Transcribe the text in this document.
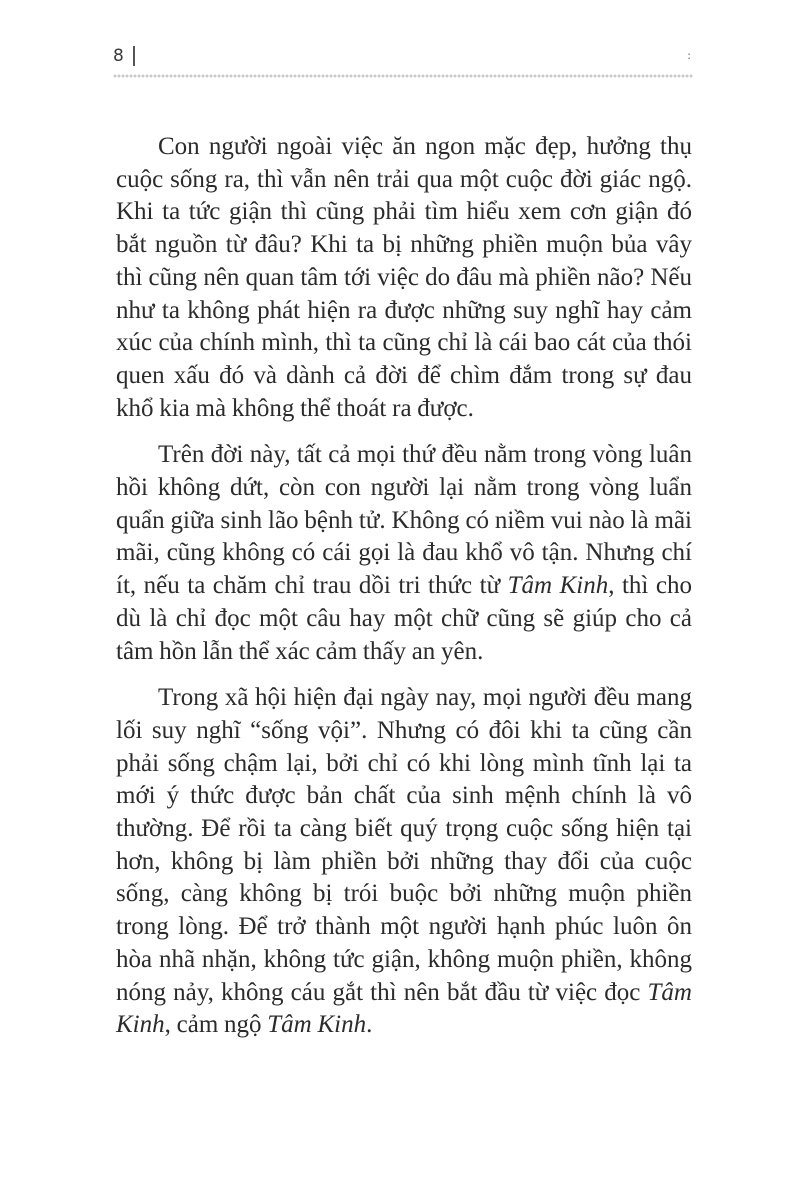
8	:

Con người ngoài việc ăn ngon mặc đẹp, hưởng thụ cuộc sống ra, thì vẫn nên trải qua một cuộc đời giác ngộ. Khi ta tức giận thì cũng phải tìm hiểu xem cơn giận đó bắt nguồn từ đâu? Khi ta bị những phiền muộn bủa vây thì cũng nên quan tâm tới việc do đâu mà phiền não? Nếu như ta không phát hiện ra được những suy nghĩ hay cảm xúc của chính mình, thì ta cũng chỉ là cái bao cát của thói quen xấu đó và dành cả đời để chìm đắm trong sự đau khổ kia mà không thể thoát ra được.

Trên đời này, tất cả mọi thứ đều nằm trong vòng luân hồi không dứt, còn con người lại nằm trong vòng luẩn quẩn giữa sinh lão bệnh tử. Không có niềm vui nào là mãi mãi, cũng không có cái gọi là đau khổ vô tận. Nhưng chí ít, nếu ta chăm chỉ trau dồi tri thức từ Tâm Kinh, thì cho dù là chỉ đọc một câu hay một chữ cũng sẽ giúp cho cả tâm hồn lẫn thể xác cảm thấy an yên.

Trong xã hội hiện đại ngày nay, mọi người đều mang lối suy nghĩ “sống vội”. Nhưng có đôi khi ta cũng cần phải sống chậm lại, bởi chỉ có khi lòng mình tĩnh lại ta mới ý thức được bản chất của sinh mệnh chính là vô thường. Để rồi ta càng biết quý trọng cuộc sống hiện tại hơn, không bị làm phiền bởi những thay đổi của cuộc sống, càng không bị trói buộc bởi những muộn phiền trong lòng. Để trở thành một người hạnh phúc luôn ôn hòa nhã nhặn, không tức giận, không muộn phiền, không nóng nảy, không cáu gắt thì nên bắt đầu từ việc đọc Tâm Kinh, cảm ngộ Tâm Kinh.
